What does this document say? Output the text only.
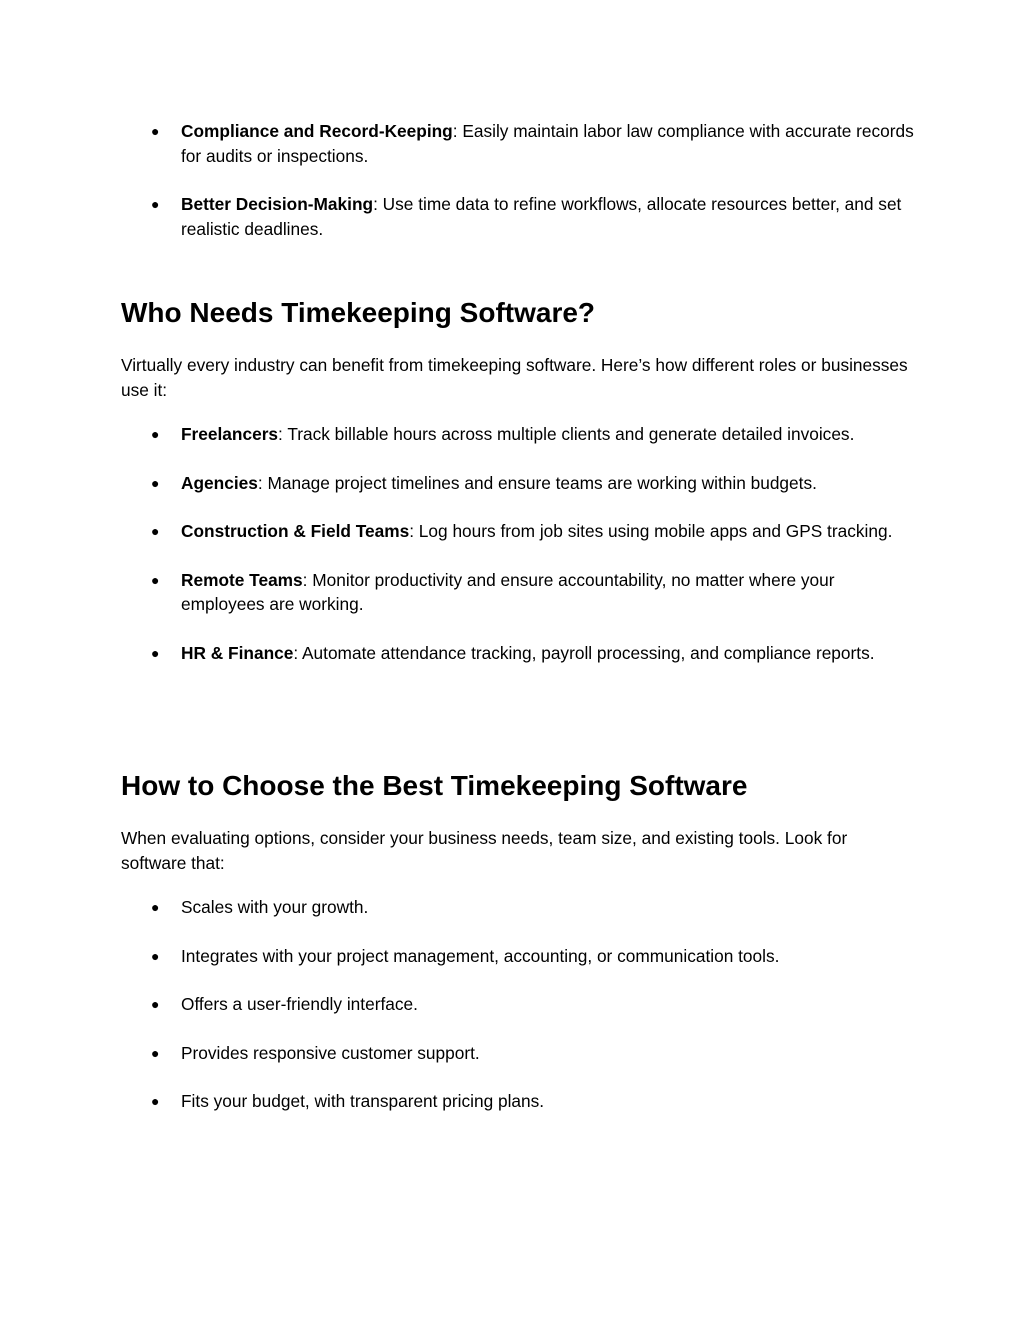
● Compliance and Record-Keeping: Easily maintain labor law compliance with accurate records for audits or inspections.
● Better Decision-Making: Use time data to refine workflows, allocate resources better, and set realistic deadlines.
Who Needs Timekeeping Software?

Virtually every industry can benefit from timekeeping software. Here’s how different roles or businesses use it:

● Freelancers: Track billable hours across multiple clients and generate detailed invoices.
● Agencies: Manage project timelines and ensure teams are working within budgets.
● Construction & Field Teams: Log hours from job sites using mobile apps and GPS tracking.
● Remote Teams: Monitor productivity and ensure accountability, no matter where your employees are working.
● HR & Finance: Automate attendance tracking, payroll processing, and compliance reports.
How to Choose the Best Timekeeping Software

When evaluating options, consider your business needs, team size, and existing tools. Look for software that:

● Scales with your growth.
● Integrates with your project management, accounting, or communication tools.
● Offers a user-friendly interface.
● Provides responsive customer support.
● Fits your budget, with transparent pricing plans.
